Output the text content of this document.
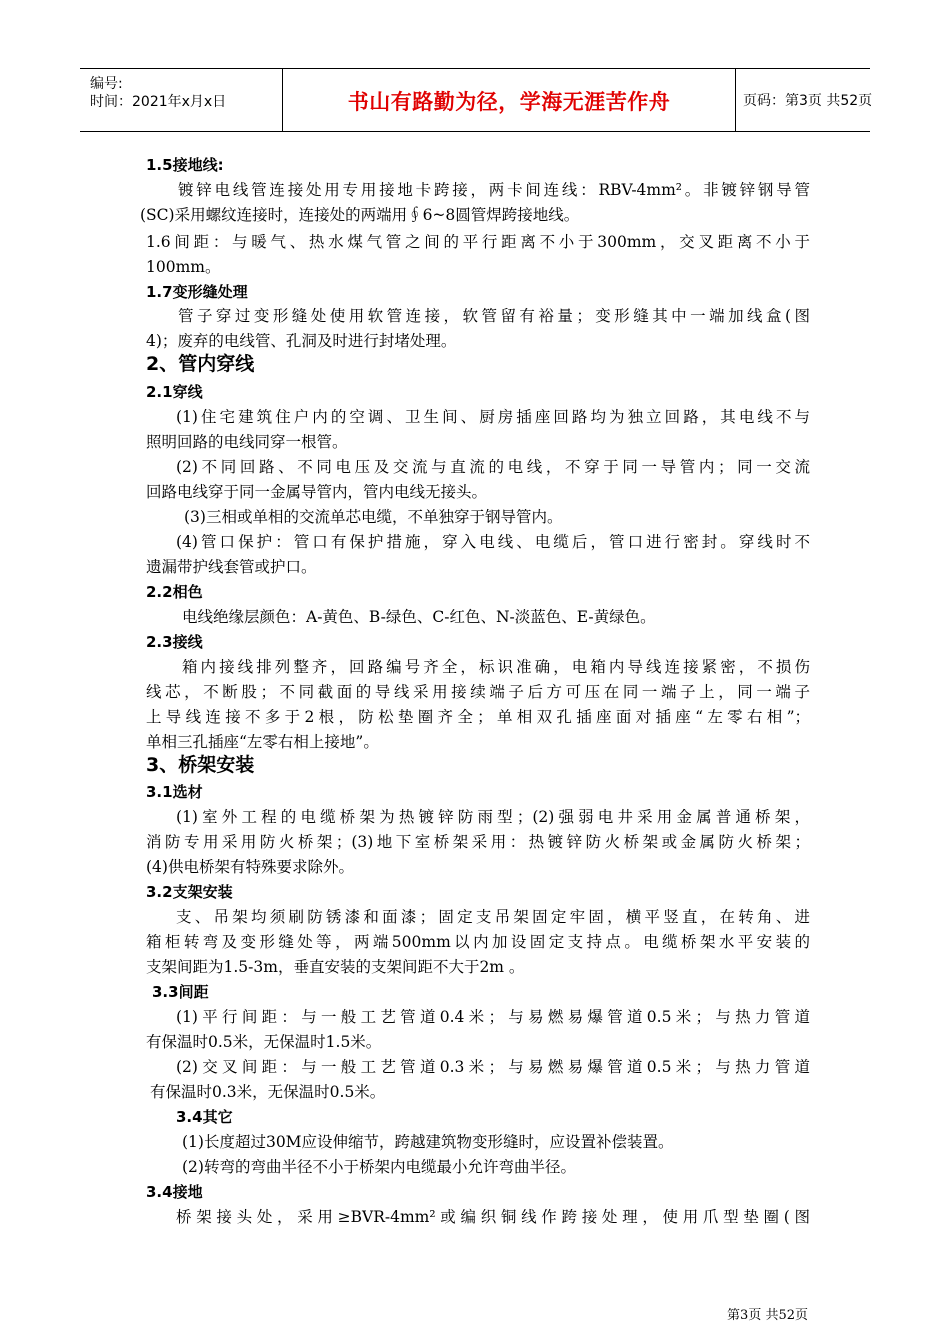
编号:
时间：2021年x月x日	书山有路勤为径，学海无涯苦作舟	页码：第3页 共52页
1.5接地线:
镀锌电线管连接处用专用接地卡跨接，两卡间连线：RBV-4mm²。非镀锌钢导管
(SC)采用螺纹连接时，连接处的两端用∮6~8圆管焊跨接地线。
1.6间距：与暖气、热水煤气管之间的平行距离不小于300mm，交叉距离不小于
100mm。
1.7变形缝处理
管子穿过变形缝处使用软管连接，软管留有裕量；变形缝其中一端加线盒(图
4)；废弃的电线管、孔洞及时进行封堵处理。
2、管内穿线
2.1穿线
(1)住宅建筑住户内的空调、卫生间、厨房插座回路均为独立回路，其电线不与
照明回路的电线同穿一根管。
(2)不同回路、不同电压及交流与直流的电线，不穿于同一导管内；同一交流
回路电线穿于同一金属导管内，管内电线无接头。
(3)三相或单相的交流单芯电缆，不单独穿于钢导管内。
(4)管口保护：管口有保护措施，穿入电线、电缆后，管口进行密封。穿线时不
遗漏带护线套管或护口。
2.2相色
电线绝缘层颜色：A-黄色、B-绿色、C-红色、N-淡蓝色、E-黄绿色。
2.3接线
箱内接线排列整齐，回路编号齐全，标识准确，电箱内导线连接紧密，不损伤
线芯，不断股；不同截面的导线采用接续端子后方可压在同一端子上，同一端子
上导线连接不多于2根，防松垫圈齐全；单相双孔插座面对插座“左零右相”；
单相三孔插座“左零右相上接地”。
3、桥架安装
3.1选材
(1)室外工程的电缆桥架为热镀锌防雨型；(2)强弱电井采用金属普通桥架，
消防专用采用防火桥架；(3)地下室桥架采用：热镀锌防火桥架或金属防火桥架；
(4)供电桥架有特殊要求除外。
3.2支架安装
支、吊架均须刷防锈漆和面漆；固定支吊架固定牢固，横平竖直，在转角、进
箱柜转弯及变形缝处等，两端500mm以内加设固定支持点。电缆桥架水平安装的
支架间距为1.5-3m，垂直安装的支架间距不大于2m 。
3.3间距
(1)平行间距：与一般工艺管道0.4米；与易燃易爆管道0.5米；与热力管道
有保温时0.5米，无保温时1.5米。
(2)交叉间距：与一般工艺管道0.3米；与易燃易爆管道0.5米；与热力管道
有保温时0.3米，无保温时0.5米。
3.4其它
(1)长度超过30M应设伸缩节，跨越建筑物变形缝时，应设置补偿装置。
(2)转弯的弯曲半径不小于桥架内电缆最小允许弯曲半径。
3.4接地
桥架接头处，采用≥BVR-4mm²或编织铜线作跨接处理，使用爪型垫圈(图
第3页 共52页
